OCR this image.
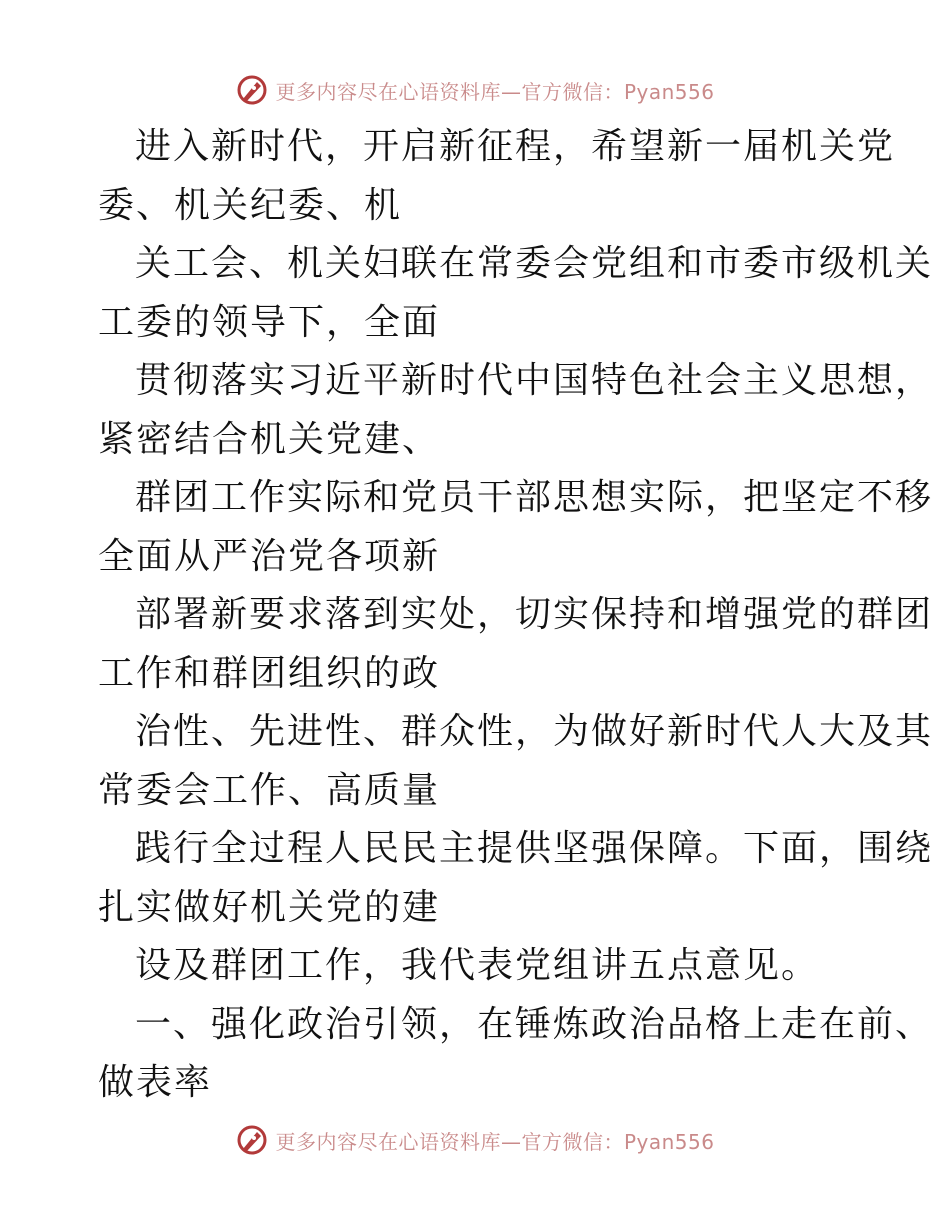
更多内容尽在心语资料库—官方微信：Pyan556
进入新时代，开启新征程，希望新一届机关党
委、机关纪委、机
关工会、机关妇联在常委会党组和市委市级机关
工委的领导下，全面
贯彻落实习近平新时代中国特色社会主义思想，
紧密结合机关党建、
群团工作实际和党员干部思想实际，把坚定不移
全面从严治党各项新
部署新要求落到实处，切实保持和增强党的群团
工作和群团组织的政
治性、先进性、群众性，为做好新时代人大及其
常委会工作、高质量
践行全过程人民民主提供坚强保障。下面，围绕
扎实做好机关党的建
设及群团工作，我代表党组讲五点意见。
一、强化政治引领，在锤炼政治品格上走在前、
做表率
更多内容尽在心语资料库—官方微信：Pyan556
